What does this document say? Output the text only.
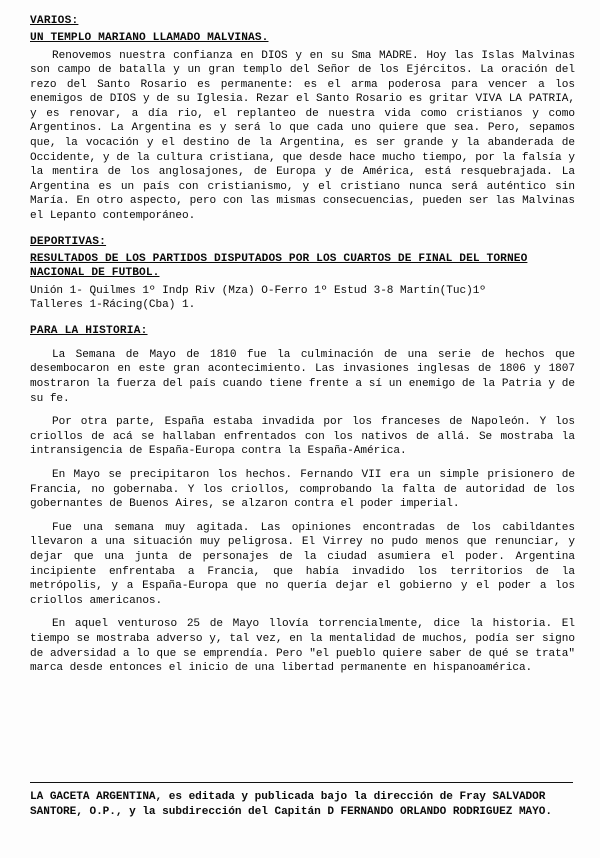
VARIOS:
UN TEMPLO MARIANO LLAMADO MALVINAS.

Renovemos nuestra confianza en DIOS y en su Sma MADRE. Hoy las Islas Malvinas son campo de batalla y un gran templo del Señor de los Ejércitos. La oración del rezo del Santo Rosario es permanente: es el arma poderosa para vencer a los enemigos de DIOS y de su Iglesia. Rezar el Santo Rosario es gritar VIVA LA PATRIA, y es renovar, a día rio, el replanteo de nuestra vida como cristianos y como Argentinos. La Argentina es y será lo que cada uno quiere que sea. Pero, sepamos que, la vocación y el destino de la Argentina, es ser grande y la abanderada de Occidente, y de la cultura cristiana, que desde hace mucho tiempo, por la falsía y la mentira de los anglosajones, de Europa y de América, está resquebrajada. La Argentina es un país con cristianismo, y el cristiano nunca será auténtico sin María. En otro aspecto, pero con las mismas consecuencias, pueden ser las Malvinas el Lepanto contemporáneo.

DEPORTIVAS:
RESULTADOS DE LOS PARTIDOS DISPUTADOS POR LOS CUARTOS DE FINAL DEL TORNEO NACIONAL DE FUTBOL.

Unión 1- Quilmes 1º Indp Riv (Mza) O-Ferro 1º Estud 3-8 Martín(Tuc)1º

Talleres 1-Rácing(Cba) 1.

PARA LA HISTORIA:

La Semana de Mayo de 1810 fue la culminación de una serie de hechos que desembocaron en este gran acontecimiento. Las invasiones inglesas de 1806 y 1807 mostraron la fuerza del país cuando tiene frente a sí un enemigo de la Patria y de su fe.

Por otra parte, España estaba invadida por los franceses de Napoleón. Y los criollos de acá se hallaban enfrentados con los nativos de allá. Se mostraba la intransigencia de España-Europa contra la España-América.

En Mayo se precipitaron los hechos. Fernando VII era un simple prisionero de Francia, no gobernaba. Y los criollos, comprobando la falta de autoridad de los gobernantes de Buenos Aires, se alzaron contra el poder imperial.

Fue una semana muy agitada. Las opiniones encontradas de los cabildantes llevaron a una situación muy peligrosa. El Virrey no pudo menos que renunciar, y dejar que una junta de personajes de la ciudad asumiera el poder. Argentina incipiente enfrentaba a Francia, que había invadido los territorios de la metrópolis, y a España-Europa que no quería dejar el gobierno y el poder a los criollos americanos.

En aquel venturoso 25 de Mayo llovía torrencialmente, dice la historia. El tiempo se mostraba adverso y, tal vez, en la mentalidad de muchos, podía ser signo de adversidad a lo que se emprendía. Pero "el pueblo quiere saber de qué se trata" marca desde entonces el inicio de una libertad permanente en hispanoamérica.

LA GACETA ARGENTINA, es editada y publicada bajo la dirección de Fray SALVADOR SANTORE, O.P., y la subdirección del Capitán D FERNANDO ORLANDO RODRIGUEZ MAYO.
